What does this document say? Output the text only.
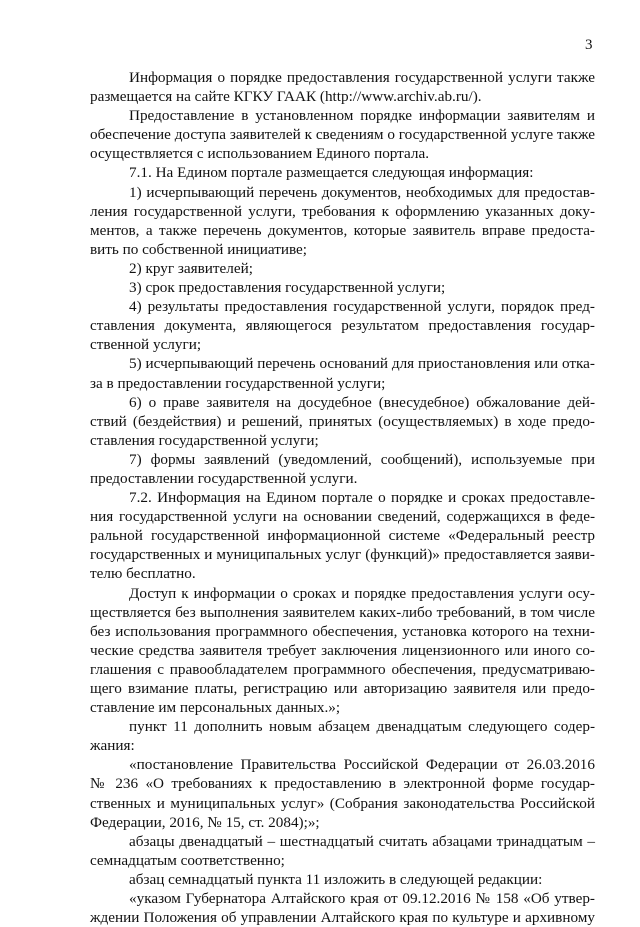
3
Информация о порядке предоставления государственной услуги также
размещается на сайте КГКУ ГААК (http://www.archiv.ab.ru/).
Предоставление в установленном порядке информации заявителям и
обеспечение доступа заявителей к сведениям о государственной услуге также
осуществляется с использованием Единого портала.
7.1. На Едином портале размещается следующая информация:
1) исчерпывающий перечень документов, необходимых для предостав-
ления государственной услуги, требования к оформлению указанных доку-
ментов, а также перечень документов, которые заявитель вправе предоста-
вить по собственной инициативе;
2) круг заявителей;
3) срок предоставления государственной услуги;
4) результаты предоставления государственной услуги, порядок пред-
ставления документа, являющегося результатом предоставления государ-
ственной услуги;
5) исчерпывающий перечень оснований для приостановления или отка-
за в предоставлении государственной услуги;
6) о праве заявителя на досудебное (внесудебное) обжалование дей-
ствий (бездействия) и решений, принятых (осуществляемых) в ходе предо-
ставления государственной услуги;
7) формы заявлений (уведомлений, сообщений), используемые при
предоставлении государственной услуги.
7.2. Информация на Едином портале о порядке и сроках предоставле-
ния государственной услуги на основании сведений, содержащихся в феде-
ральной государственной информационной системе «Федеральный реестр
государственных и муниципальных услуг (функций)» предоставляется заяви-
телю бесплатно.
Доступ к информации о сроках и порядке предоставления услуги осу-
ществляется без выполнения заявителем каких-либо требований, в том числе
без использования программного обеспечения, установка которого на техни-
ческие средства заявителя требует заключения лицензионного или иного со-
глашения с правообладателем программного обеспечения, предусматриваю-
щего взимание платы, регистрацию или авторизацию заявителя или предо-
ставление им персональных данных.»;
пункт 11 дополнить новым абзацем двенадцатым следующего содер-
жания:
«постановление Правительства Российской Федерации от 26.03.2016
№ 236 «О требованиях к предоставлению в электронной форме государ-
ственных и муниципальных услуг» (Собрания законодательства Российской
Федерации, 2016, № 15, ст. 2084);»;
абзацы двенадцатый – шестнадцатый считать абзацами тринадцатым –
семнадцатым соответственно;
абзац семнадцатый пункта 11 изложить в следующей редакции:
«указом Губернатора Алтайского края от 09.12.2016 № 158 «Об утвер-
ждении Положения об управлении Алтайского края по культуре и архивному
